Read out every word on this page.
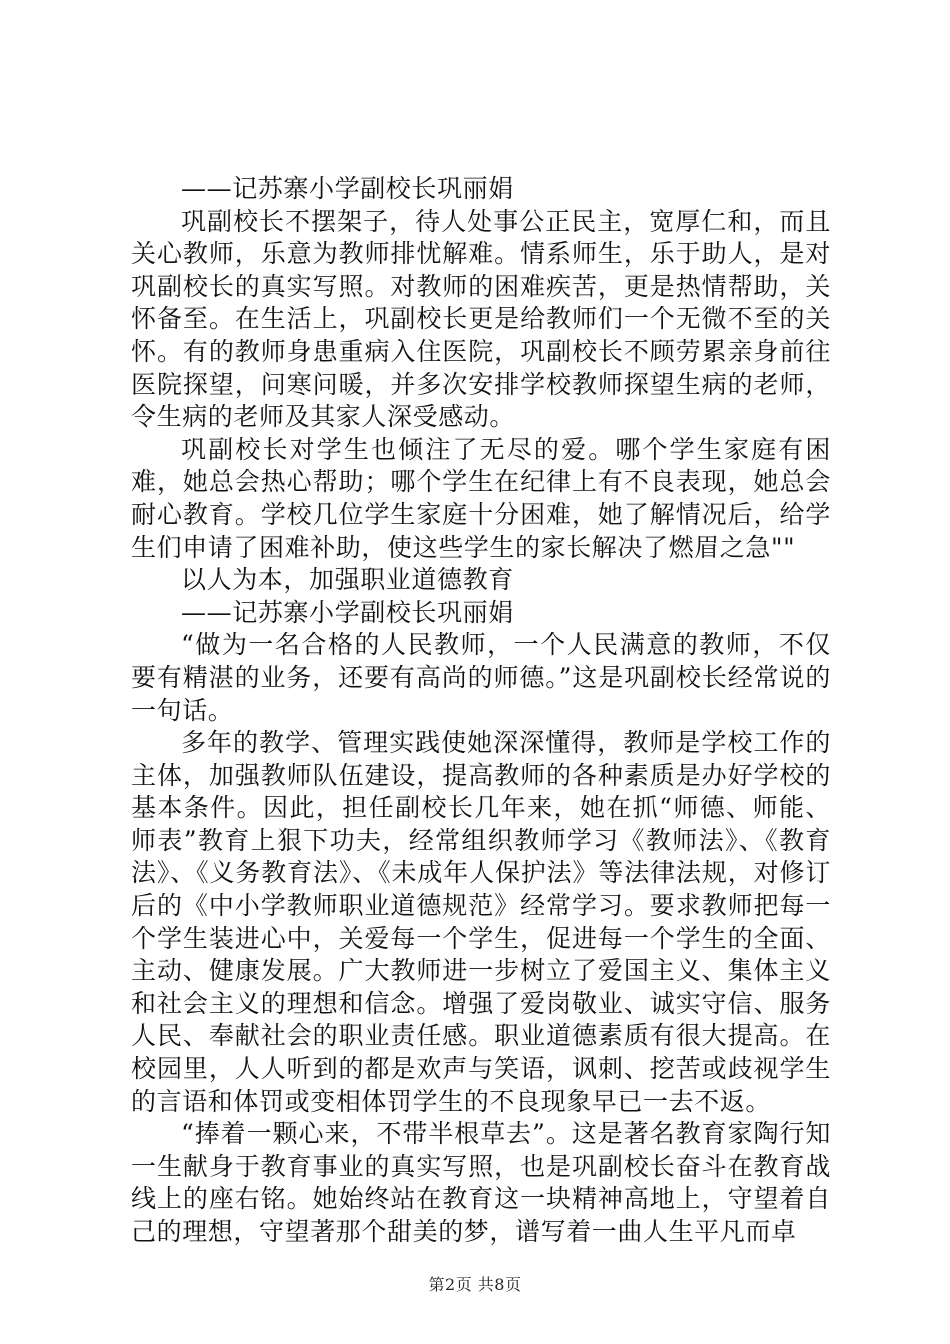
——记苏寨小学副校长巩丽娟

巩副校长不摆架子，待人处事公正民主，宽厚仁和，而且关心教师，乐意为教师排忧解难。情系师生，乐于助人，是对巩副校长的真实写照。对教师的困难疾苦，更是热情帮助，关怀备至。在生活上，巩副校长更是给教师们一个无微不至的关怀。有的教师身患重病入住医院，巩副校长不顾劳累亲身前往医院探望，问寒问暖，并多次安排学校教师探望生病的老师，令生病的老师及其家人深受感动。

巩副校长对学生也倾注了无尽的爱。哪个学生家庭有困难，她总会热心帮助；哪个学生在纪律上有不良表现，她总会耐心教育。学校几位学生家庭十分困难，她了解情况后，给学生们申请了困难补助，使这些学生的家长解决了燃眉之急""

以人为本，加强职业道德教育

——记苏寨小学副校长巩丽娟

“做为一名合格的人民教师，一个人民满意的教师，不仅要有精湛的业务，还要有高尚的师德。”这是巩副校长经常说的一句话。

多年的教学、管理实践使她深深懂得，教师是学校工作的主体，加强教师队伍建设，提高教师的各种素质是办好学校的基本条件。因此，担任副校长几年来，她在抓“师德、师能、师表”教育上狠下功夫，经常组织教师学习《教师法》、《教育法》、《义务教育法》、《未成年人保护法》等法律法规，对修订后的《中小学教师职业道德规范》经常学习。要求教师把每一个学生装进心中，关爱每一个学生，促进每一个学生的全面、主动、健康发展。广大教师进一步树立了爱国主义、集体主义和社会主义的理想和信念。增强了爱岗敬业、诚实守信、服务人民、奉献社会的职业责任感。职业道德素质有很大提高。在校园里，人人听到的都是欢声与笑语，讽刺、挖苦或歧视学生的言语和体罚或变相体罚学生的不良现象早已一去不返。

“捧着一颗心来，不带半根草去”。这是著名教育家陶行知一生献身于教育事业的真实写照，也是巩副校长奋斗在教育战线上的座右铭。她始终站在教育这一块精神高地上，守望着自己的理想，守望著那个甜美的梦，谱写着一曲人生平凡而卓

第2页 共8页
